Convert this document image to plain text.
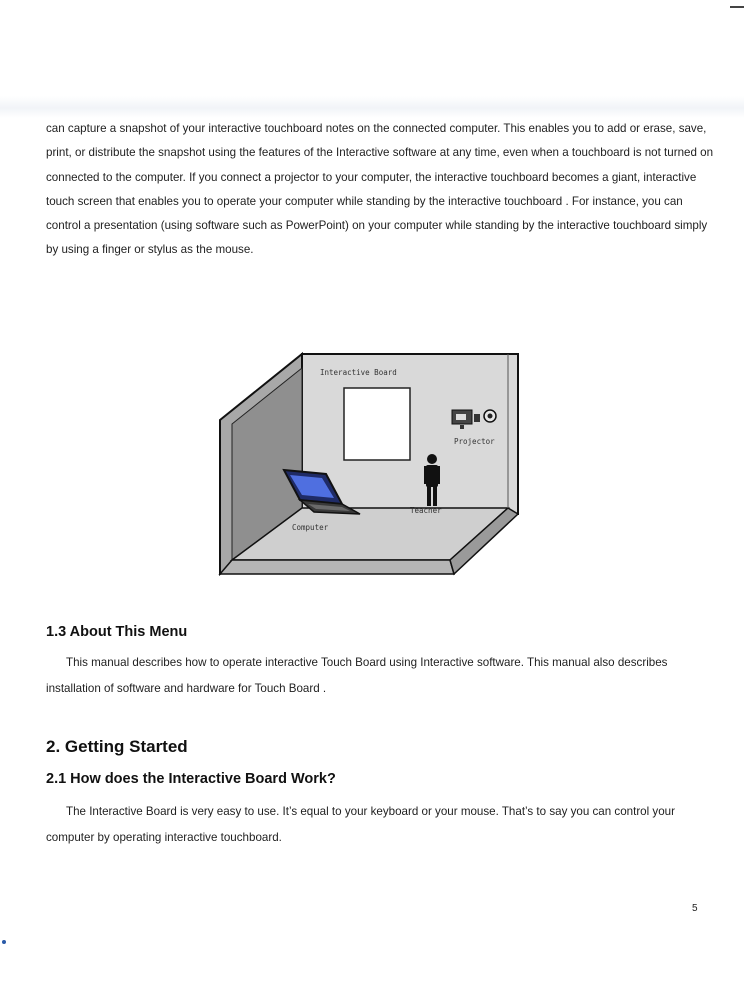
can capture a snapshot of your interactive touchboard notes on the connected computer. This enables you to add or erase, save, print, or distribute the snapshot using the features of the Interactive software at any time, even when a touchboard is not turned on connected to the computer. If you connect a projector to your computer, the interactive touchboard becomes a giant, interactive touch screen that enables you to operate your computer while standing by the interactive touchboard . For instance, you can control a presentation (using software such as PowerPoint) on your computer while standing by the interactive touchboard simply by using a finger or stylus as the mouse.

Interactive Board
Projector
Teacher
Computer
1.3 About This Menu

This manual describes how to operate interactive Touch Board using Interactive software. This manual also describes installation of software and hardware for Touch Board .

2. Getting Started
2.1 How does the Interactive Board Work?

The Interactive Board is very easy to use. It’s equal to your keyboard or your mouse. That’s to say you can control your computer by operating interactive touchboard.

5
